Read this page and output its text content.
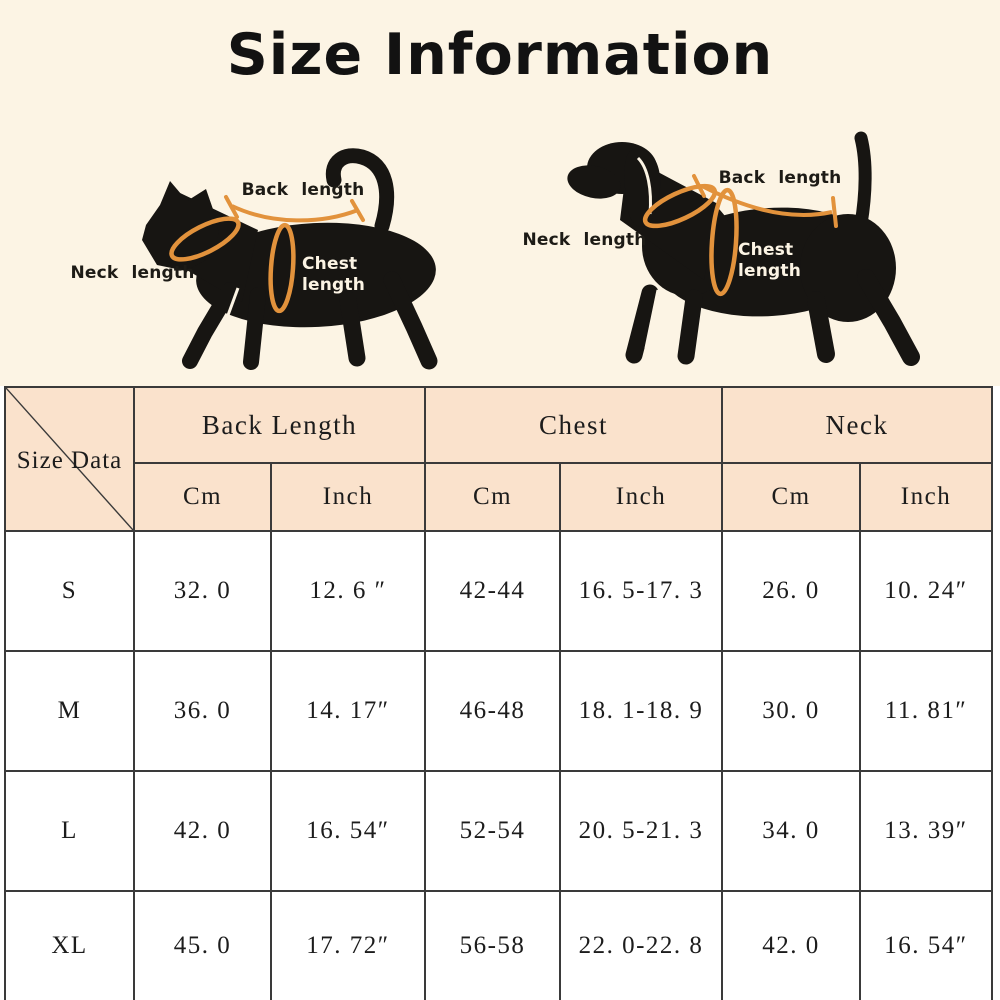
Size Information
Back length
Neck length	Chest length
Back length
Neck length	Chest length
Size Data	Back Length		Chest		Neck	
	Cm	Inch	Cm	Inch	Cm	Inch
S	32. 0	12. 6 ″	42-44	16. 5-17. 3	26. 0	10. 24″
M	36. 0	14. 17″	46-48	18. 1-18. 9	30. 0	11. 81″
L	42. 0	16. 54″	52-54	20. 5-21. 3	34. 0	13. 39″
XL	45. 0	17. 72″	56-58	22. 0-22. 8	42. 0	16. 54″
